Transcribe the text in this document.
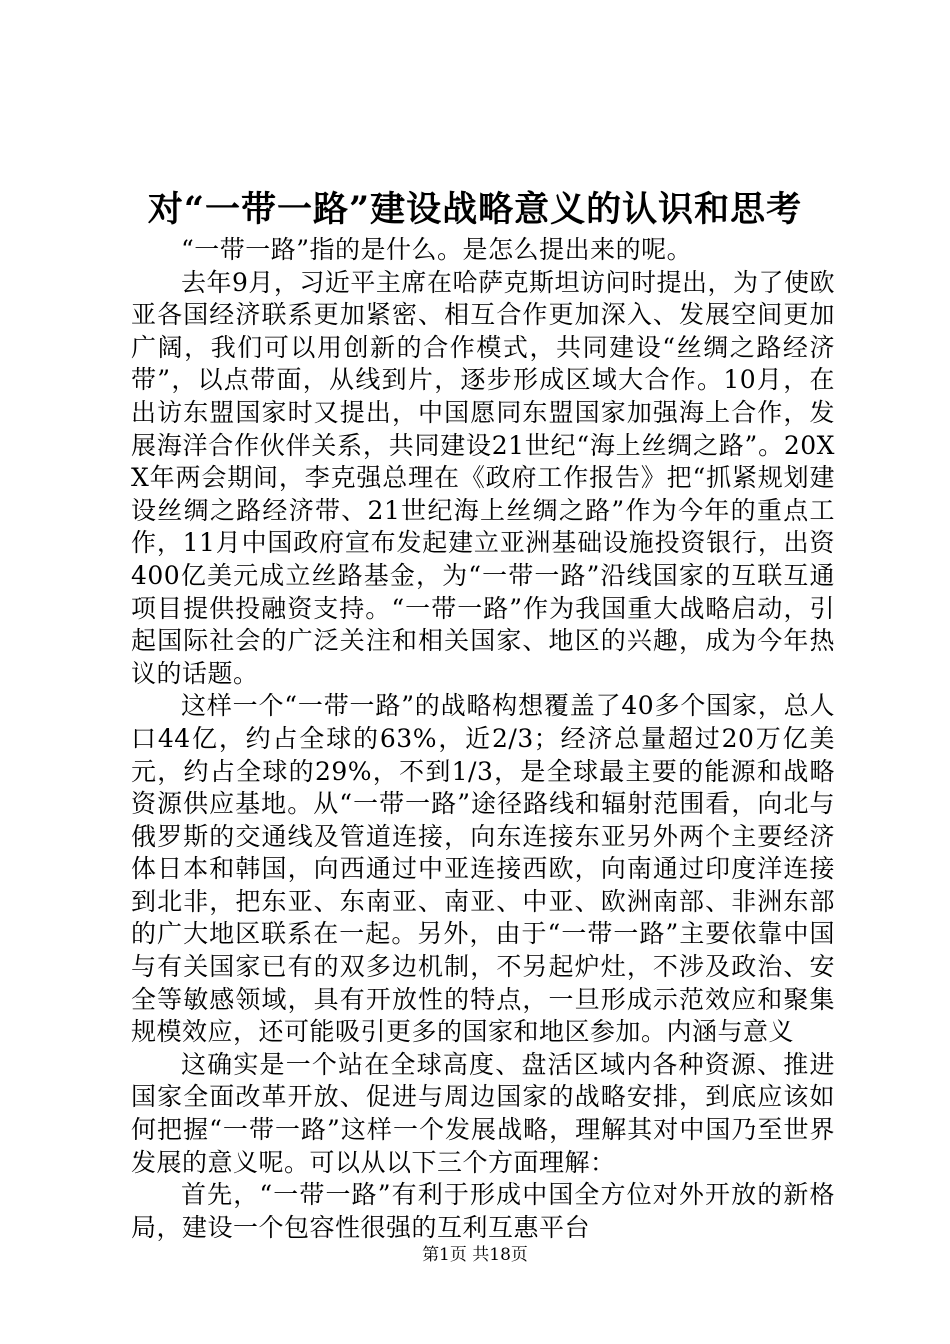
对“一带一路”建设战略意义的认识和思考

“一带一路”指的是什么。是怎么提出来的呢。

去年9月，习近平主席在哈萨克斯坦访问时提出，为了使欧亚各国经济联系更加紧密、相互合作更加深入、发展空间更加广阔，我们可以用创新的合作模式，共同建设“丝绸之路经济带”，以点带面，从线到片，逐步形成区域大合作。10月，在出访东盟国家时又提出，中国愿同东盟国家加强海上合作，发展海洋合作伙伴关系，共同建设21世纪“海上丝绸之路”。20XX年两会期间，李克强总理在《政府工作报告》把“抓紧规划建设丝绸之路经济带、21世纪海上丝绸之路”作为今年的重点工作，11月中国政府宣布发起建立亚洲基础设施投资银行，出资400亿美元成立丝路基金，为“一带一路”沿线国家的互联互通项目提供投融资支持。“一带一路”作为我国重大战略启动，引起国际社会的广泛关注和相关国家、地区的兴趣，成为今年热议的话题。

这样一个“一带一路”的战略构想覆盖了40多个国家，总人口44亿，约占全球的63%，近2/3；经济总量超过20万亿美元，约占全球的29%，不到1/3，是全球最主要的能源和战略资源供应基地。从“一带一路”途径路线和辐射范围看，向北与俄罗斯的交通线及管道连接，向东连接东亚另外两个主要经济体日本和韩国，向西通过中亚连接西欧，向南通过印度洋连接到北非，把东亚、东南亚、南亚、中亚、欧洲南部、非洲东部的广大地区联系在一起。另外，由于“一带一路”主要依靠中国与有关国家已有的双多边机制，不另起炉灶，不涉及政治、安全等敏感领域，具有开放性的特点，一旦形成示范效应和聚集规模效应，还可能吸引更多的国家和地区参加。内涵与意义

这确实是一个站在全球高度、盘活区域内各种资源、推进国家全面改革开放、促进与周边国家的战略安排，到底应该如何把握“一带一路”这样一个发展战略，理解其对中国乃至世界发展的意义呢。可以从以下三个方面理解：

首先，“一带一路”有利于形成中国全方位对外开放的新格局，建设一个包容性很强的互利互惠平台

第1页 共18页
